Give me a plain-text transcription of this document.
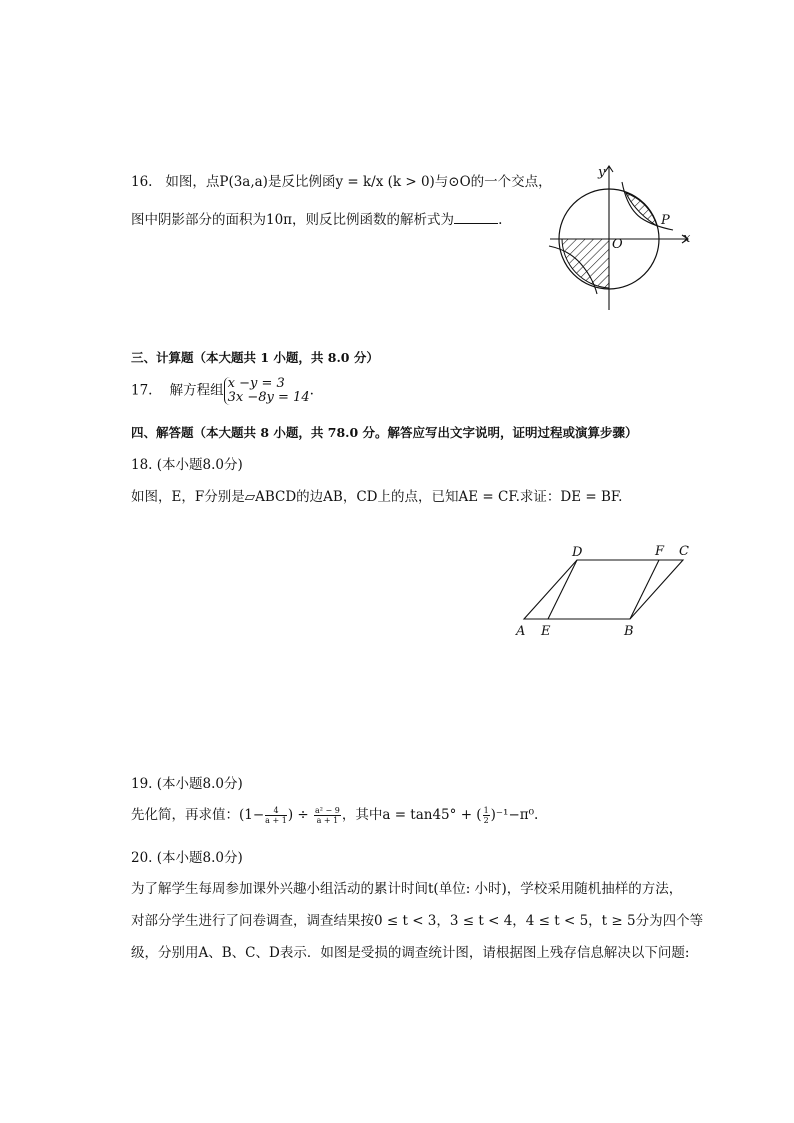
16. 如图，点P(3a,a)是反比例函y = k/x (k > 0)与⊙O的一个交点，
图中阴影部分的面积为10π，则反比例函数的解析式为	.
y
x
O
P
三、计算题（本大题共 1 小题，共 8.0 分）
17. 解方程组 x −y = 3
3x −8y = 14 .
四、解答题（本大题共 8 小题，共 78.0 分。解答应写出文字说明，证明过程或演算步骤）
18. (本小题8.0分)
如图，E，F分别是▱ABCD的边AB，CD上的点，已知AE = CF.求证：DE = BF.
A E	B
D	F C
19. (本小题8.0分)
先化简，再求值：($1- \frac{4}{a + 1}$ ) ÷ $\frac{\text{a² − 9}}{a + 1}$ ，其中a = tan45° + ( $\frac{1}{2} )^{-1}-\pi^0$.
20. (本小题8.0分)
为了解学生每周参加课外兴趣小组活动的累计时间t(单位: 小时)，学校采用随机抽样的方法，
对部分学生进行了问卷调查，调查结果按0 ≤ t < 3，3 ≤ t < 4，4 ≤ t < 5，t ≥ 5分为四个等
级，分别用A、B、C、D表示．如图是受损的调查统计图，请根据图上残存信息解决以下问题:
